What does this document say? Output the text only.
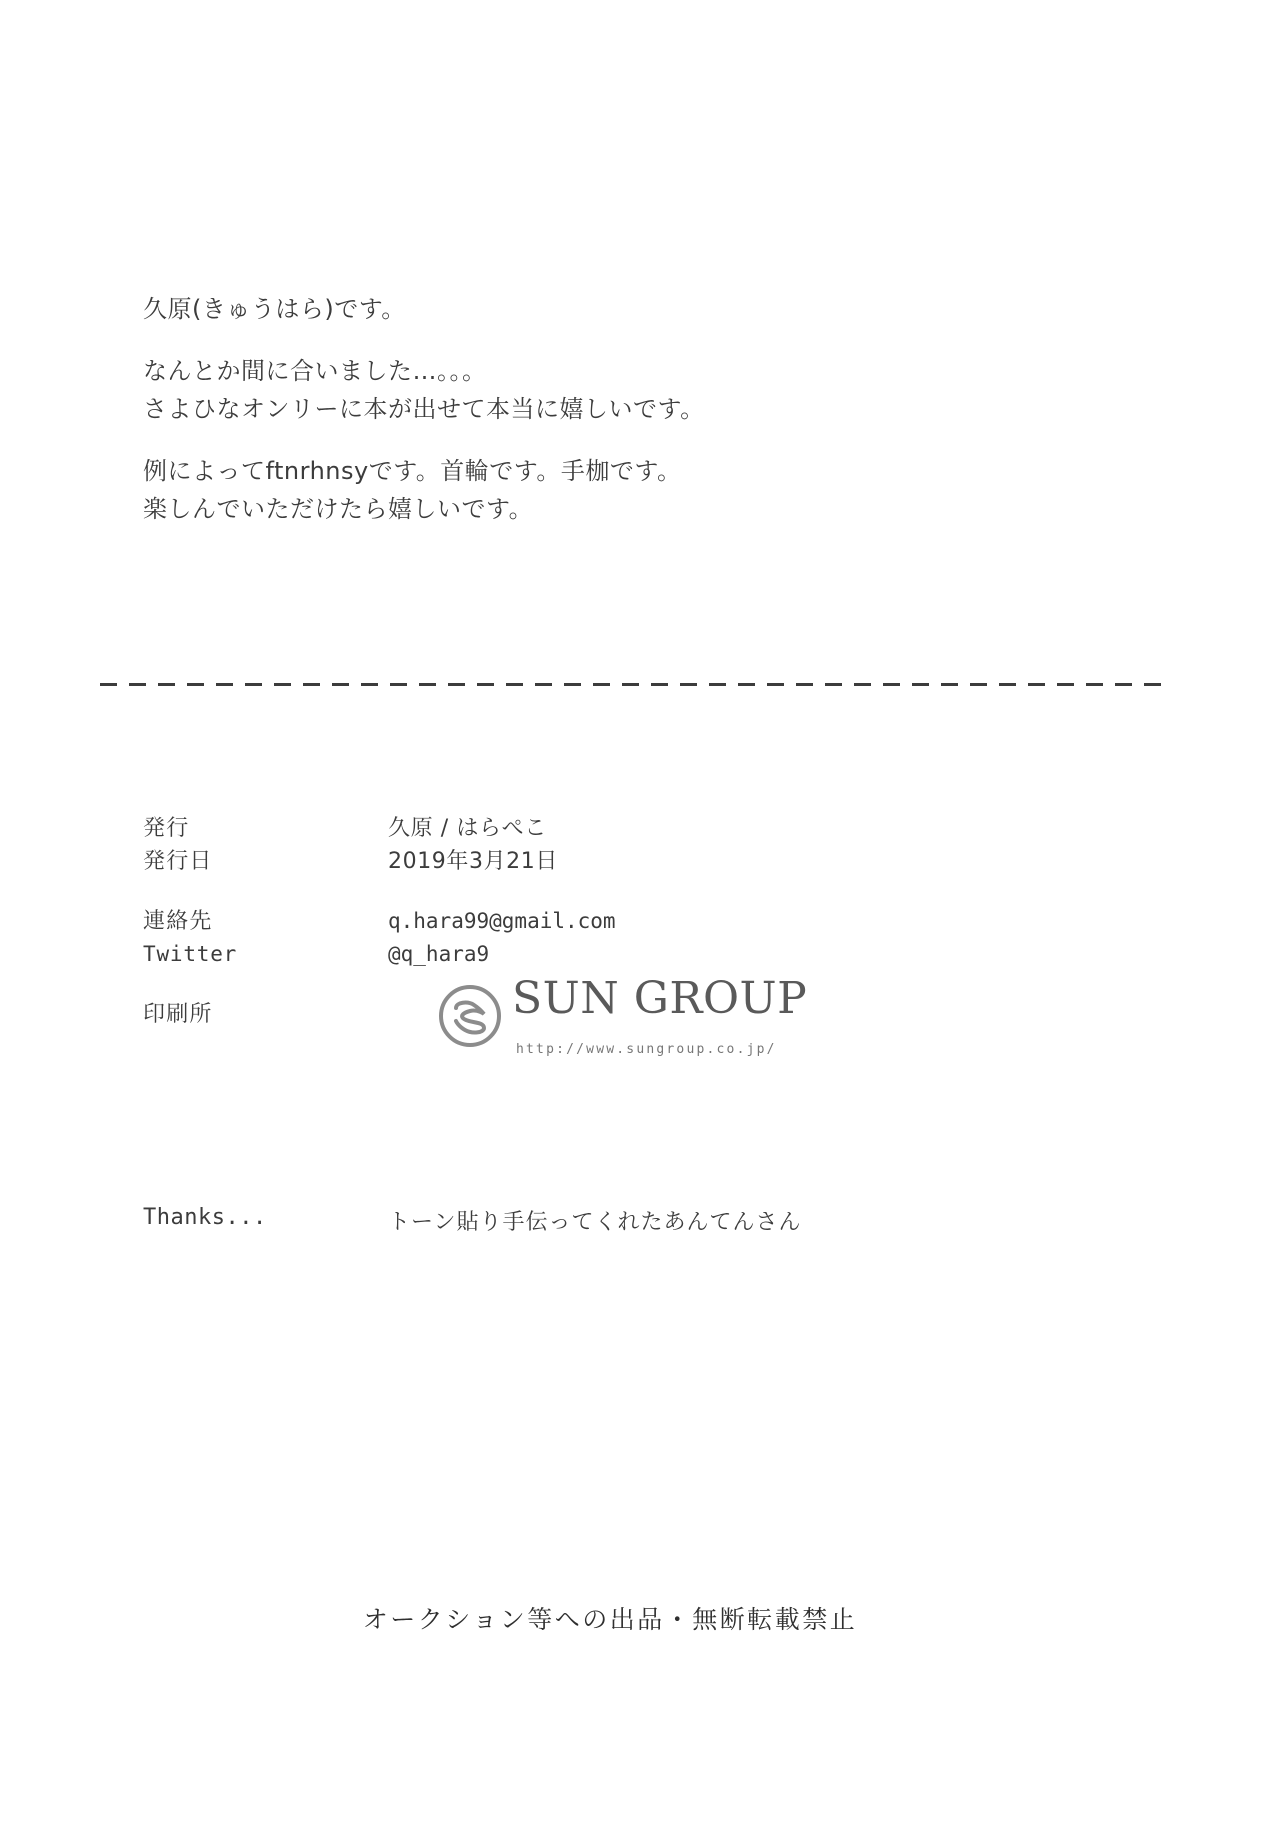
久原(きゅうはら)です。
なんとか間に合いました…。。。
さよひなオンリーに本が出せて本当に嬉しいです。
例によってftnrhnsyです。首輪です。手枷です。
楽しんでいただけたら嬉しいです。
発行	久原 / はらぺこ
発行日	2019年3月21日
連絡先	q.hara99@gmail.com
Twitter	@q_hara9
印刷所	SUN GROUP
http://www.sungroup.co.jp/
Thanks...	トーン貼り手伝ってくれたあんてんさん
オークション等への出品・無断転載禁止
